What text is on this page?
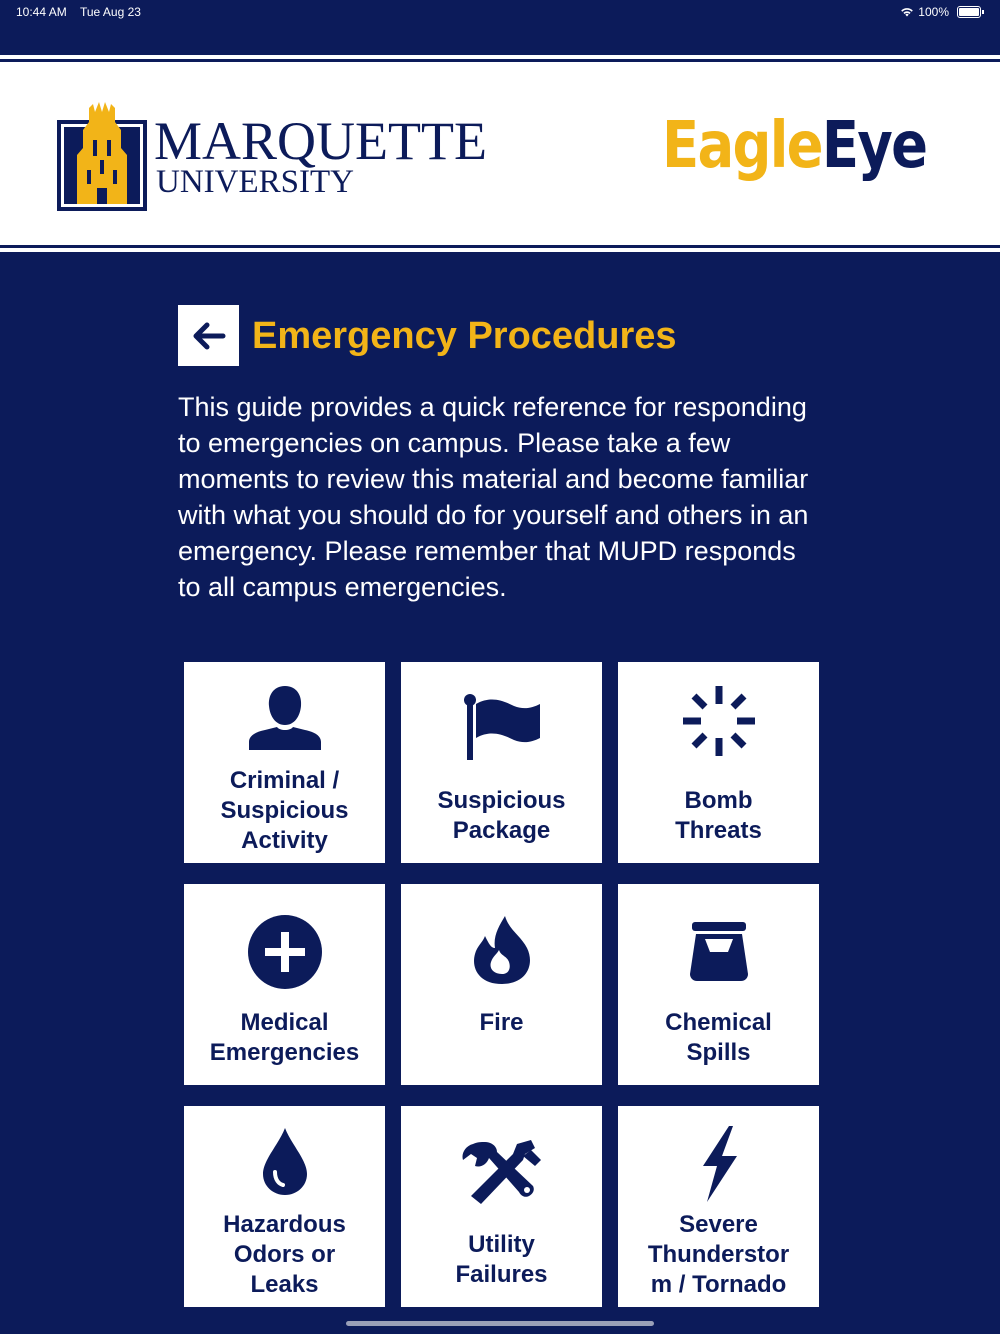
10:44 AM Tue Aug 23	100%
MARQUETTE
UNIVERSITY	EagleEye
Emergency Procedures
This guide provides a quick reference for responding to emergencies on campus. Please take a few moments to review this material and become familiar with what you should do for yourself and others in an emergency. Please remember that MUPD responds to all campus emergencies.
Criminal /
Suspicious
Activity
Suspicious
Package
Bomb
Threats
Medical
Emergencies
Fire	Chemical
Spills
Hazardous
Odors or
Leaks
Utility
Failures
Severe
Thunderstor
m / Tornado
